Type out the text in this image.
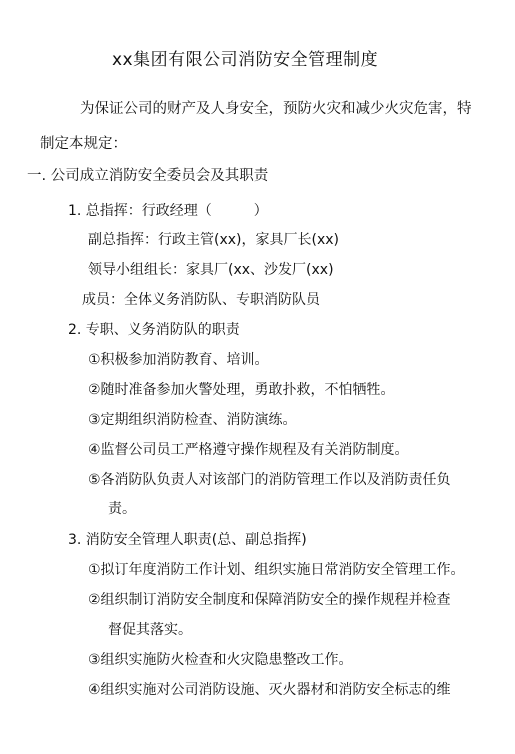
xx集团有限公司消防安全管理制度
为保证公司的财产及人身安全，预防火灾和减少火灾危害，特
制定本规定：
一. 公司成立消防安全委员会及其职责
1. 总指挥：行政经理（　　　）
副总指挥：行政主管(xx)，家具厂长(xx)
领导小组组长：家具厂(xx、沙发厂(xx)
成员：全体义务消防队、专职消防队员
2. 专职、义务消防队的职责
①积极参加消防教育、培训。
②随时准备参加火警处理，勇敢扑救，不怕牺牲。
③定期组织消防检查、消防演练。
④监督公司员工严格遵守操作规程及有关消防制度。
⑤各消防队负责人对该部门的消防管理工作以及消防责任负
责。
3. 消防安全管理人职责(总、副总指挥)
①拟订年度消防工作计划、组织实施日常消防安全管理工作。
②组织制订消防安全制度和保障消防安全的操作规程并检查
督促其落实。
③组织实施防火检查和火灾隐患整改工作。
④组织实施对公司消防设施、灭火器材和消防安全标志的维
